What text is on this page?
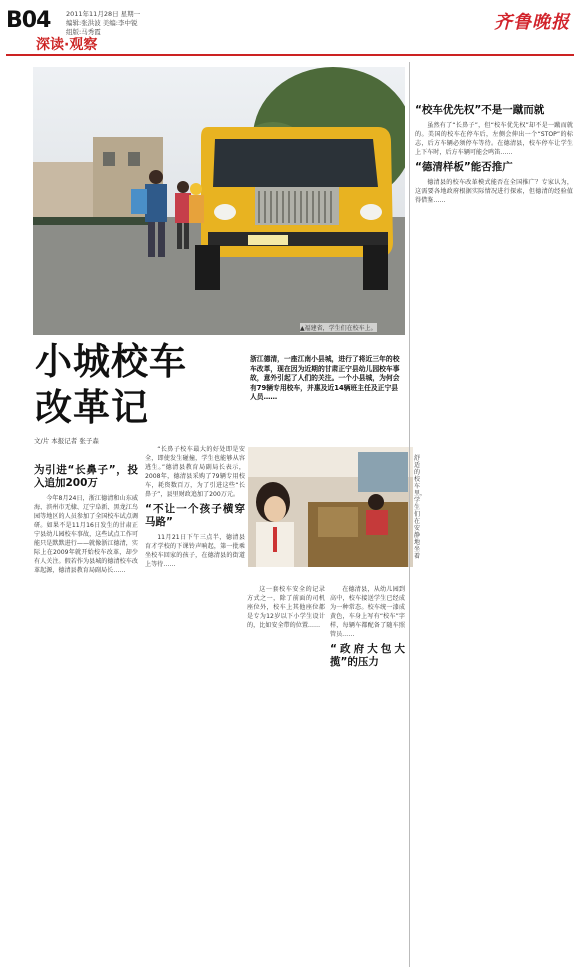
B04 2011年11月28日 星期一
编辑:张洪波 美编:李中锐
组版:马秀霞	齐鲁晚报
深读·观察
▲福建省，学生们在校车上。
小城校车
改革记
浙江德清，一座江南小县城，进行了将近三年的校车改革，现在因为近期的甘肃正宁县幼儿园校车事故，意外引起了人们的关注。一个小县城，为何会有79辆专用校车，并惠及近14辆班主任及正宁县人员……
文/片 本报记者 张子森
为引进“长鼻子”，投入追加200万

今年8月24日，浙江德清和山东威海、滨州市无棣、辽宁阜新、黑龙江鸟园等地区的人员参加了全国校车试点调研。如果不是11月16日发生的甘肃正宁县幼儿园校车事故，这些试点工作可能只是默默进行——就像浙江德清，实际上在2009年就开始校车改革，却少有人关注。假若作为县城的德清校车改革起源，德清县教育局副局长……

“长鼻子校车最大的好处即是安全，即使发生碰撞，学生也能够从容逃生。”德清县教育局副局长表示，2008年，德清县采购了79辆专用校车，耗资数百万，为了引进这些“长鼻子”，县里财政追加了200万元。

“不让一个孩子横穿马路”

11月21日下午三点半，德清县育才学校的下课铃声响起，第一批乘坐校车回家的孩子，在德清县的街道上等待……

舒适的校车里，学生们在安静地坐着

这一套校车安全的记录方式之一，除了前面的司机座位外，校车上其他座位都是专为12岁以下小学生设计的，比如安全带的位置……

在德清县，从幼儿园到高中，校车接送学生已经成为一种常态。校车统一漆成黄色，车身上写有“校车”字样，每辆车都配备了随车照管员……

“政府大包大揽”的压力
“校车优先权”不是一蹴而就

虽然有了“长鼻子”，但“校车优先权”却不是一蹴而就的。美国的校车在停车后，左侧会伸出一个“STOP”的标志，后方车辆必须停车等待。在德清县，校车停车让学生上下车时，后方车辆可能会鸣笛……

“德清样板”能否推广

德清县的校车改革模式能否在全国推广？专家认为，这需要各地政府根据实际情况进行探索，但德清的经验值得借鉴……
